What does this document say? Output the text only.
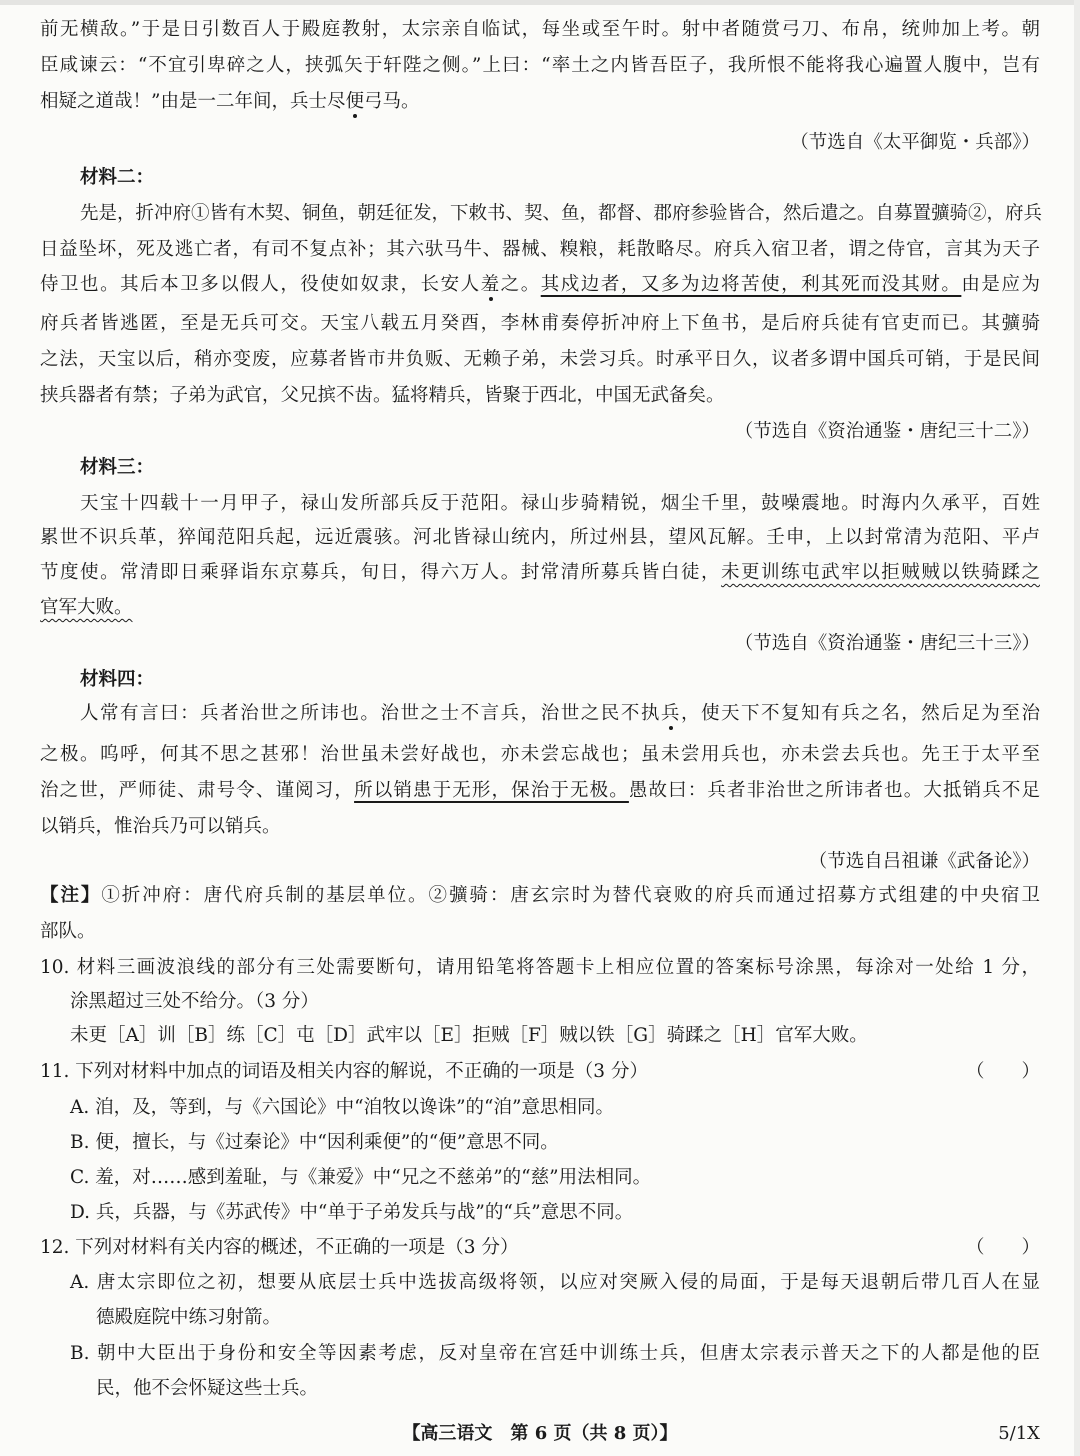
前无横敌。”于是日引数百人于殿庭教射，太宗亲自临试，每坐或至午时。射中者随赏弓刀、布帛，统帅加上考。朝
臣咸谏云：“不宜引卑碎之人，挟弧矢于轩陛之侧。”上曰：“率土之内皆吾臣子，我所恨不能将我心遍置人腹中，岂有
相疑之道哉！”由是一二年间，兵士尽便弓马。
（节选自《太平御览・兵部》）
材料二：
先是，折冲府①皆有木契、铜鱼，朝廷征发，下敕书、契、鱼，都督、郡府参验皆合，然后遣之。自募置彍骑②，府兵
日益坠坏，死及逃亡者，有司不复点补；其六驮马牛、器械、糗粮，耗散略尽。府兵入宿卫者，谓之侍官，言其为天子
侍卫也。其后本卫多以假人，役使如奴隶，长安人羞之。其戍边者，又多为边将苦使，利其死而没其财。由是应为
府兵者皆逃匿，至是无兵可交。天宝八载五月癸酉，李林甫奏停折冲府上下鱼书，是后府兵徒有官吏而已。其彍骑
之法，天宝以后，稍亦变废，应募者皆市井负贩、无赖子弟，未尝习兵。时承平日久，议者多谓中国兵可销，于是民间
挟兵器者有禁；子弟为武官，父兄摈不齿。猛将精兵，皆聚于西北，中国无武备矣。
（节选自《资治通鉴・唐纪三十二》）
材料三：
天宝十四载十一月甲子，禄山发所部兵反于范阳。禄山步骑精锐，烟尘千里，鼓噪震地。时海内久承平，百姓
累世不识兵革，猝闻范阳兵起，远近震骇。河北皆禄山统内，所过州县，望风瓦解。壬申，上以封常清为范阳、平卢
节度使。常清即日乘驿诣东京募兵，旬日，得六万人。封常清所募兵皆白徒，未更训练屯武牢以拒贼贼以铁骑蹂之
官军大败。
（节选自《资治通鉴・唐纪三十三》）
材料四：
人常有言曰：兵者治世之所讳也。治世之士不言兵，治世之民不执兵，使天下不复知有兵之名，然后足为至治
之极。呜呼，何其不思之甚邪！治世虽未尝好战也，亦未尝忘战也；虽未尝用兵也，亦未尝去兵也。先王于太平至
治之世，严师徒、肃号令、谨阅习，所以销患于无形，保治于无极。愚故曰：兵者非治世之所讳者也。大抵销兵不足
以销兵，惟治兵乃可以销兵。
（节选自吕祖谦《武备论》）
【注】①折冲府：唐代府兵制的基层单位。②彍骑：唐玄宗时为替代衰败的府兵而通过招募方式组建的中央宿卫
部队。
10. 材料三画波浪线的部分有三处需要断句，请用铅笔将答题卡上相应位置的答案标号涂黑，每涂对一处给 1 分，
涂黑超过三处不给分。（3 分）
未更［A］训［B］练［C］屯［D］武牢以［E］拒贼［F］贼以铁［G］骑蹂之［H］官军大败。
11. 下列对材料中加点的词语及相关内容的解说，不正确的一项是（3 分）	（　　）
A. 洎，及，等到，与《六国论》中“洎牧以谗诛”的“洎”意思相同。
B. 便，擅长，与《过秦论》中“因利乘便”的“便”意思不同。
C. 羞，对……感到羞耻，与《兼爱》中“兄之不慈弟”的“慈”用法相同。
D. 兵，兵器，与《苏武传》中“单于子弟发兵与战”的“兵”意思不同。
12. 下列对材料有关内容的概述，不正确的一项是（3 分）	（　　）
A. 唐太宗即位之初，想要从底层士兵中选拔高级将领，以应对突厥入侵的局面，于是每天退朝后带几百人在显
德殿庭院中练习射箭。
B. 朝中大臣出于身份和安全等因素考虑，反对皇帝在宫廷中训练士兵，但唐太宗表示普天之下的人都是他的臣
民，他不会怀疑这些士兵。
【高三语文　第 6 页（共 8 页）】	5/1X
